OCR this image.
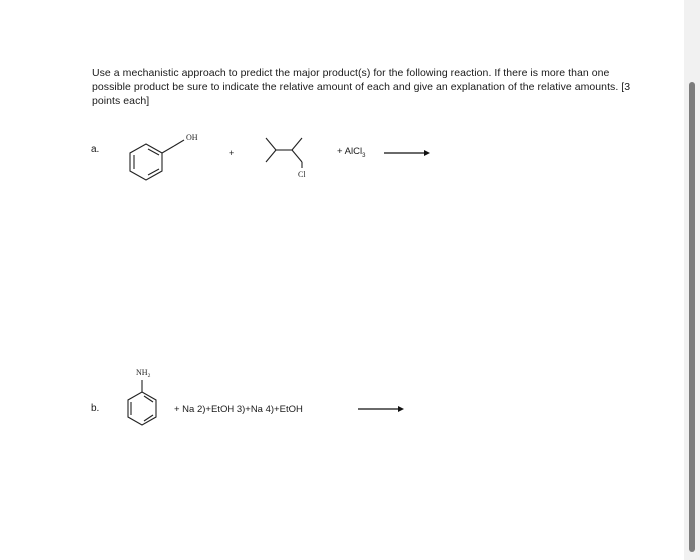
Use a mechanistic approach to predict the major product(s) for the following reaction. If there is more than one possible product be sure to indicate the relative amount of each and give an explanation of the relative amounts. [3 points each]
a.
OH
+
Cl
+ AlCl$_3$ →
b.
$NH_2$
+ Na 2)+EtOH 3)+Na 4)+EtOH
